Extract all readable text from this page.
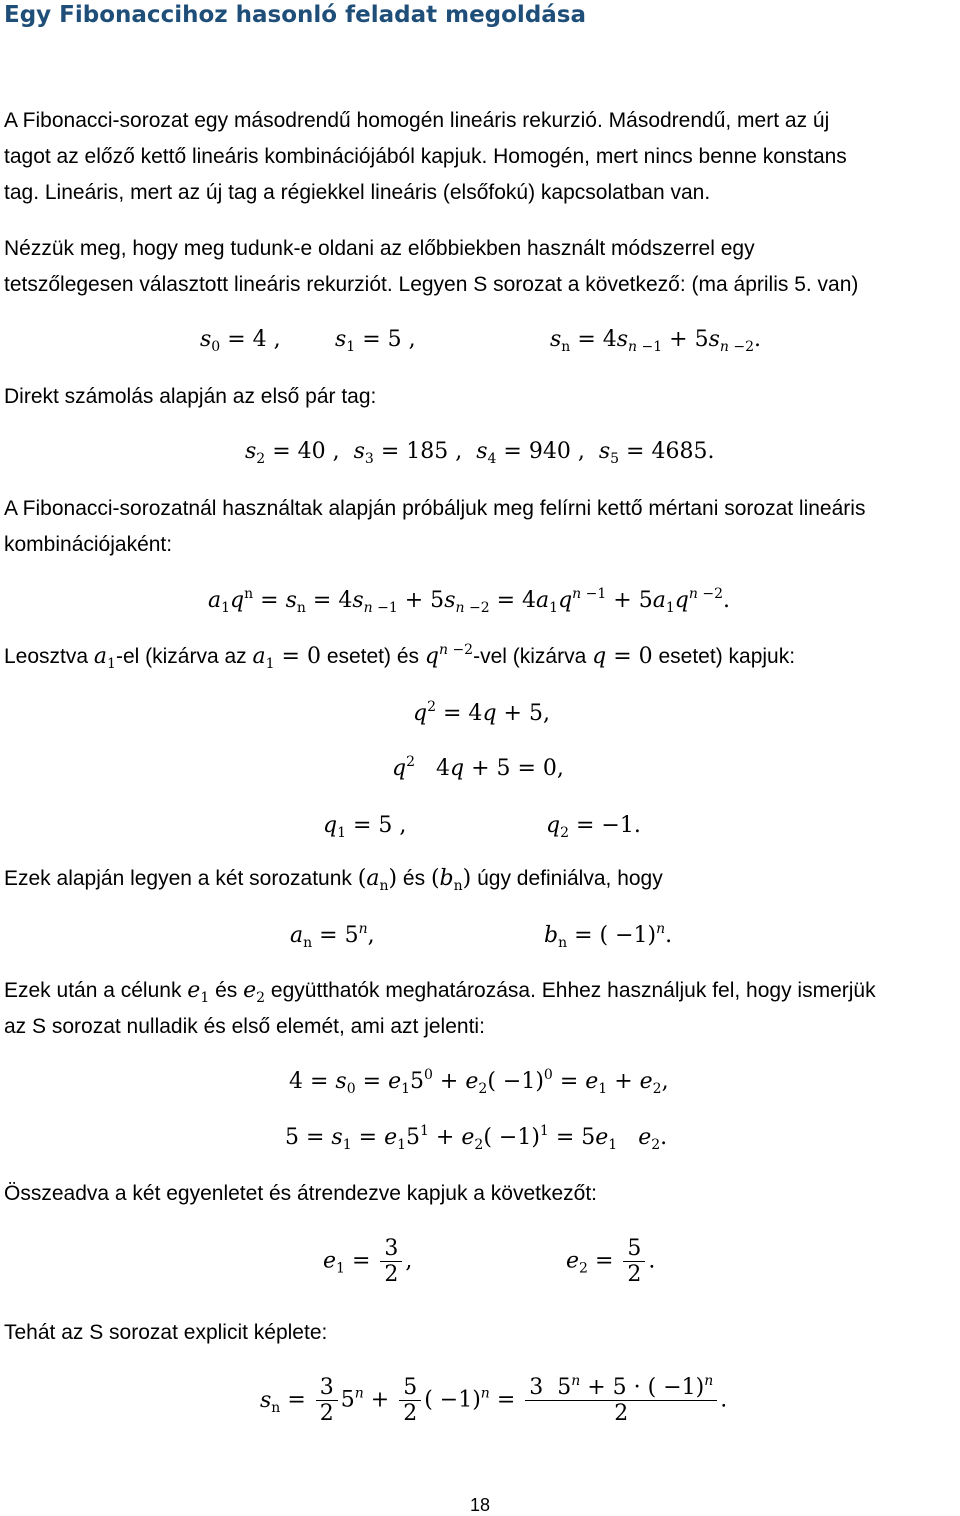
Egy Fibonaccihoz hasonló feladat megoldása
A Fibonacci-sorozat egy másodrendű homogén lineáris rekurzió. Másodrendű, mert az új
tagot az előző kettő lineáris kombinációjából kapjuk. Homogén, mert nincs benne konstans
tag. Lineáris, mert az új tag a régiekkel lineáris (elsőfokú) kapcsolatban van.
Nézzük meg, hogy meg tudunk-e oldani az előbbiekben használt módszerrel egy
tetszőlegesen választott lineáris rekurziót. Legyen S sorozat a következő: (ma április 5. van)
$s_0 = 4$ , $s_1 = 5$ ,	$s_n = 4s_{n -1} + 5s_{n -2}$.
Direkt számolás alapján az első pár tag:
$s_2 = 40$ ,  $s_3 = 185$ ,  $s_4 = 940$ ,  $s_5 = 4685$.
A Fibonacci-sorozatnál használtak alapján próbáljuk meg felírni kettő mértani sorozat lineáris
kombinációjaként:
$a_1q^n = s_n = 4s_{n -1} + 5s_{n -2} = 4a_1q^{n -1} + 5a_1q^{n -2}$.
Leosztva $a_1-el$ (kizárva az $a_1 = 0$ esetet) és $q^{n -2}$-vel (kizárva q = 0 esetet) kapjuk:
$q^2 = 4q + 5$,
$q^2$   4q + 5 = 0,
$q_1 = 5$ ,	$q_2 = -1$.
Ezek alapján legyen a két sorozatunk $(a_n)$ és $(b_n)$ úgy definiálva, hogy
$a_n = 5^n$,	$b_n$ = ( −1)$^n$.
Ezek után a célunk $e_1$ és $e_2$ együtthatók meghatározása. Ehhez használjuk fel, hogy ismerjük
az S sorozat nulladik és első elemét, ami azt jelenti:
$4 = s_0 = e_15^0 + e_2( -1)^0 = e_1 + e_2$,
$5 = s_1 = e_15^1 + e_2( -1)^1 = 5e_1$ $e_2$.
Összeadva a két egyenletet és átrendezve kapjuk a következőt:
$e_1 = \frac{3}{2}$ ,	$e_2 = \frac{5}{2}$ .
Tehát az S sorozat explicit képlete:
$s_n = \frac{3}{2} 5^n + \frac{5}{2}$ ( $-1)^n = \frac{3 5^n + 5 \cdot ( -1)^n}{2}$ .
18
